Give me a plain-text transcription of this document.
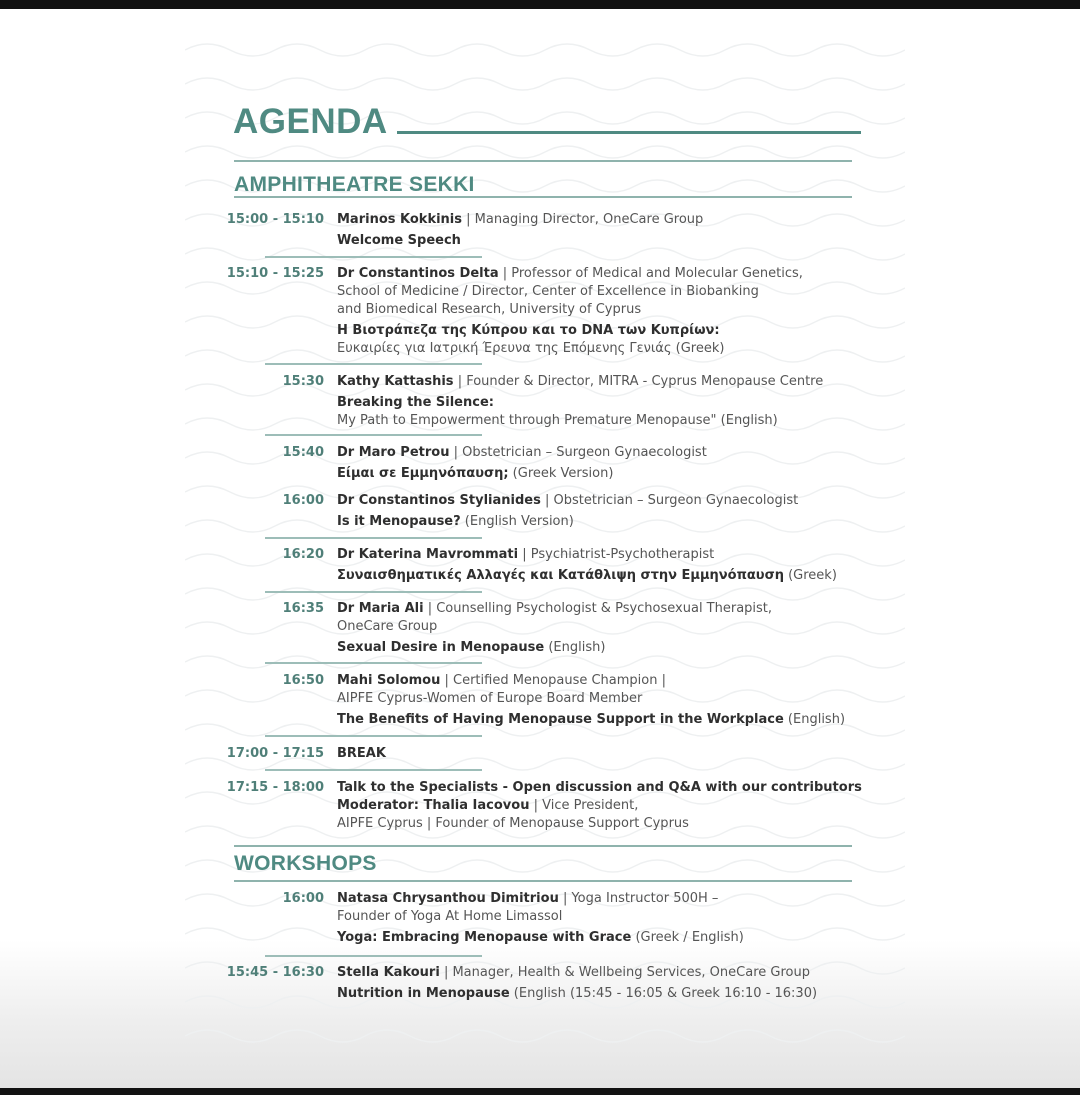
AGENDA
AMPHITHEATRE SEKKI
15:00 - 15:10 Marinos Kokkinis | Managing Director, OneCare Group
Welcome Speech
15:10 - 15:25 Dr Constantinos Delta | Professor of Medical and Molecular Genetics,
School of Medicine / Director, Center of Excellence in Biobanking
and Biomedical Research, University of Cyprus
Η Βιοτράπεζα της Κύπρου και το DNA των Κυπρίων:
Ευκαιρίες για Ιατρική Έρευνα της Επόμενης Γενιάς (Greek)
15:30 Kathy Kattashis | Founder & Director, MITRA - Cyprus Menopause Centre
Breaking the Silence:
My Path to Empowerment through Premature Menopause" (English)
15:40 Dr Maro Petrou | Obstetrician – Surgeon Gynaecologist
Είμαι σε Εμμηνόπαυση; (Greek Version)
16:00 Dr Constantinos Stylianides | Obstetrician – Surgeon Gynaecologist
Is it Menopause? (English Version)
16:20 Dr Katerina Mavrommati | Psychiatrist-Psychotherapist
Συναισθηματικές Αλλαγές και Κατάθλιψη στην Εμμηνόπαυση (Greek)
16:35 Dr Maria Ali | Counselling Psychologist & Psychosexual Therapist,
OneCare Group
Sexual Desire in Menopause (English)
16:50 Mahi Solomou | Certified Menopause Champion |
AIPFE Cyprus-Women of Europe Board Member
The Benefits of Having Menopause Support in the Workplace (English)
17:00 - 17:15 BREAK
17:15 - 18:00 Talk to the Specialists - Open discussion and Q&A with our contributors
Moderator: Thalia Iacovou | Vice President,
AIPFE Cyprus | Founder of Menopause Support Cyprus
WORKSHOPS
16:00 Natasa Chrysanthou Dimitriou | Yoga Instructor 500H –
Founder of Yoga At Home Limassol
Yoga: Embracing Menopause with Grace (Greek / English)
15:45 - 16:30 Stella Kakouri | Manager, Health & Wellbeing Services, OneCare Group
Nutrition in Menopause (English (15:45 - 16:05 & Greek 16:10 - 16:30)
